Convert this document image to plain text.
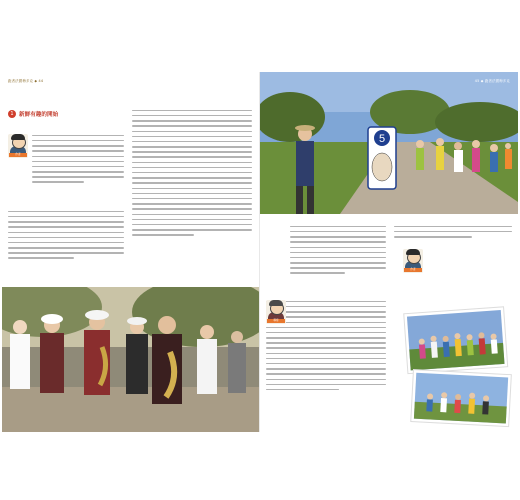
跑者法國梅多克 ◆ 44
1 新鮮有趣的開始
作者
5
45 ◆ 跑者法國梅多克
導遊
作者
